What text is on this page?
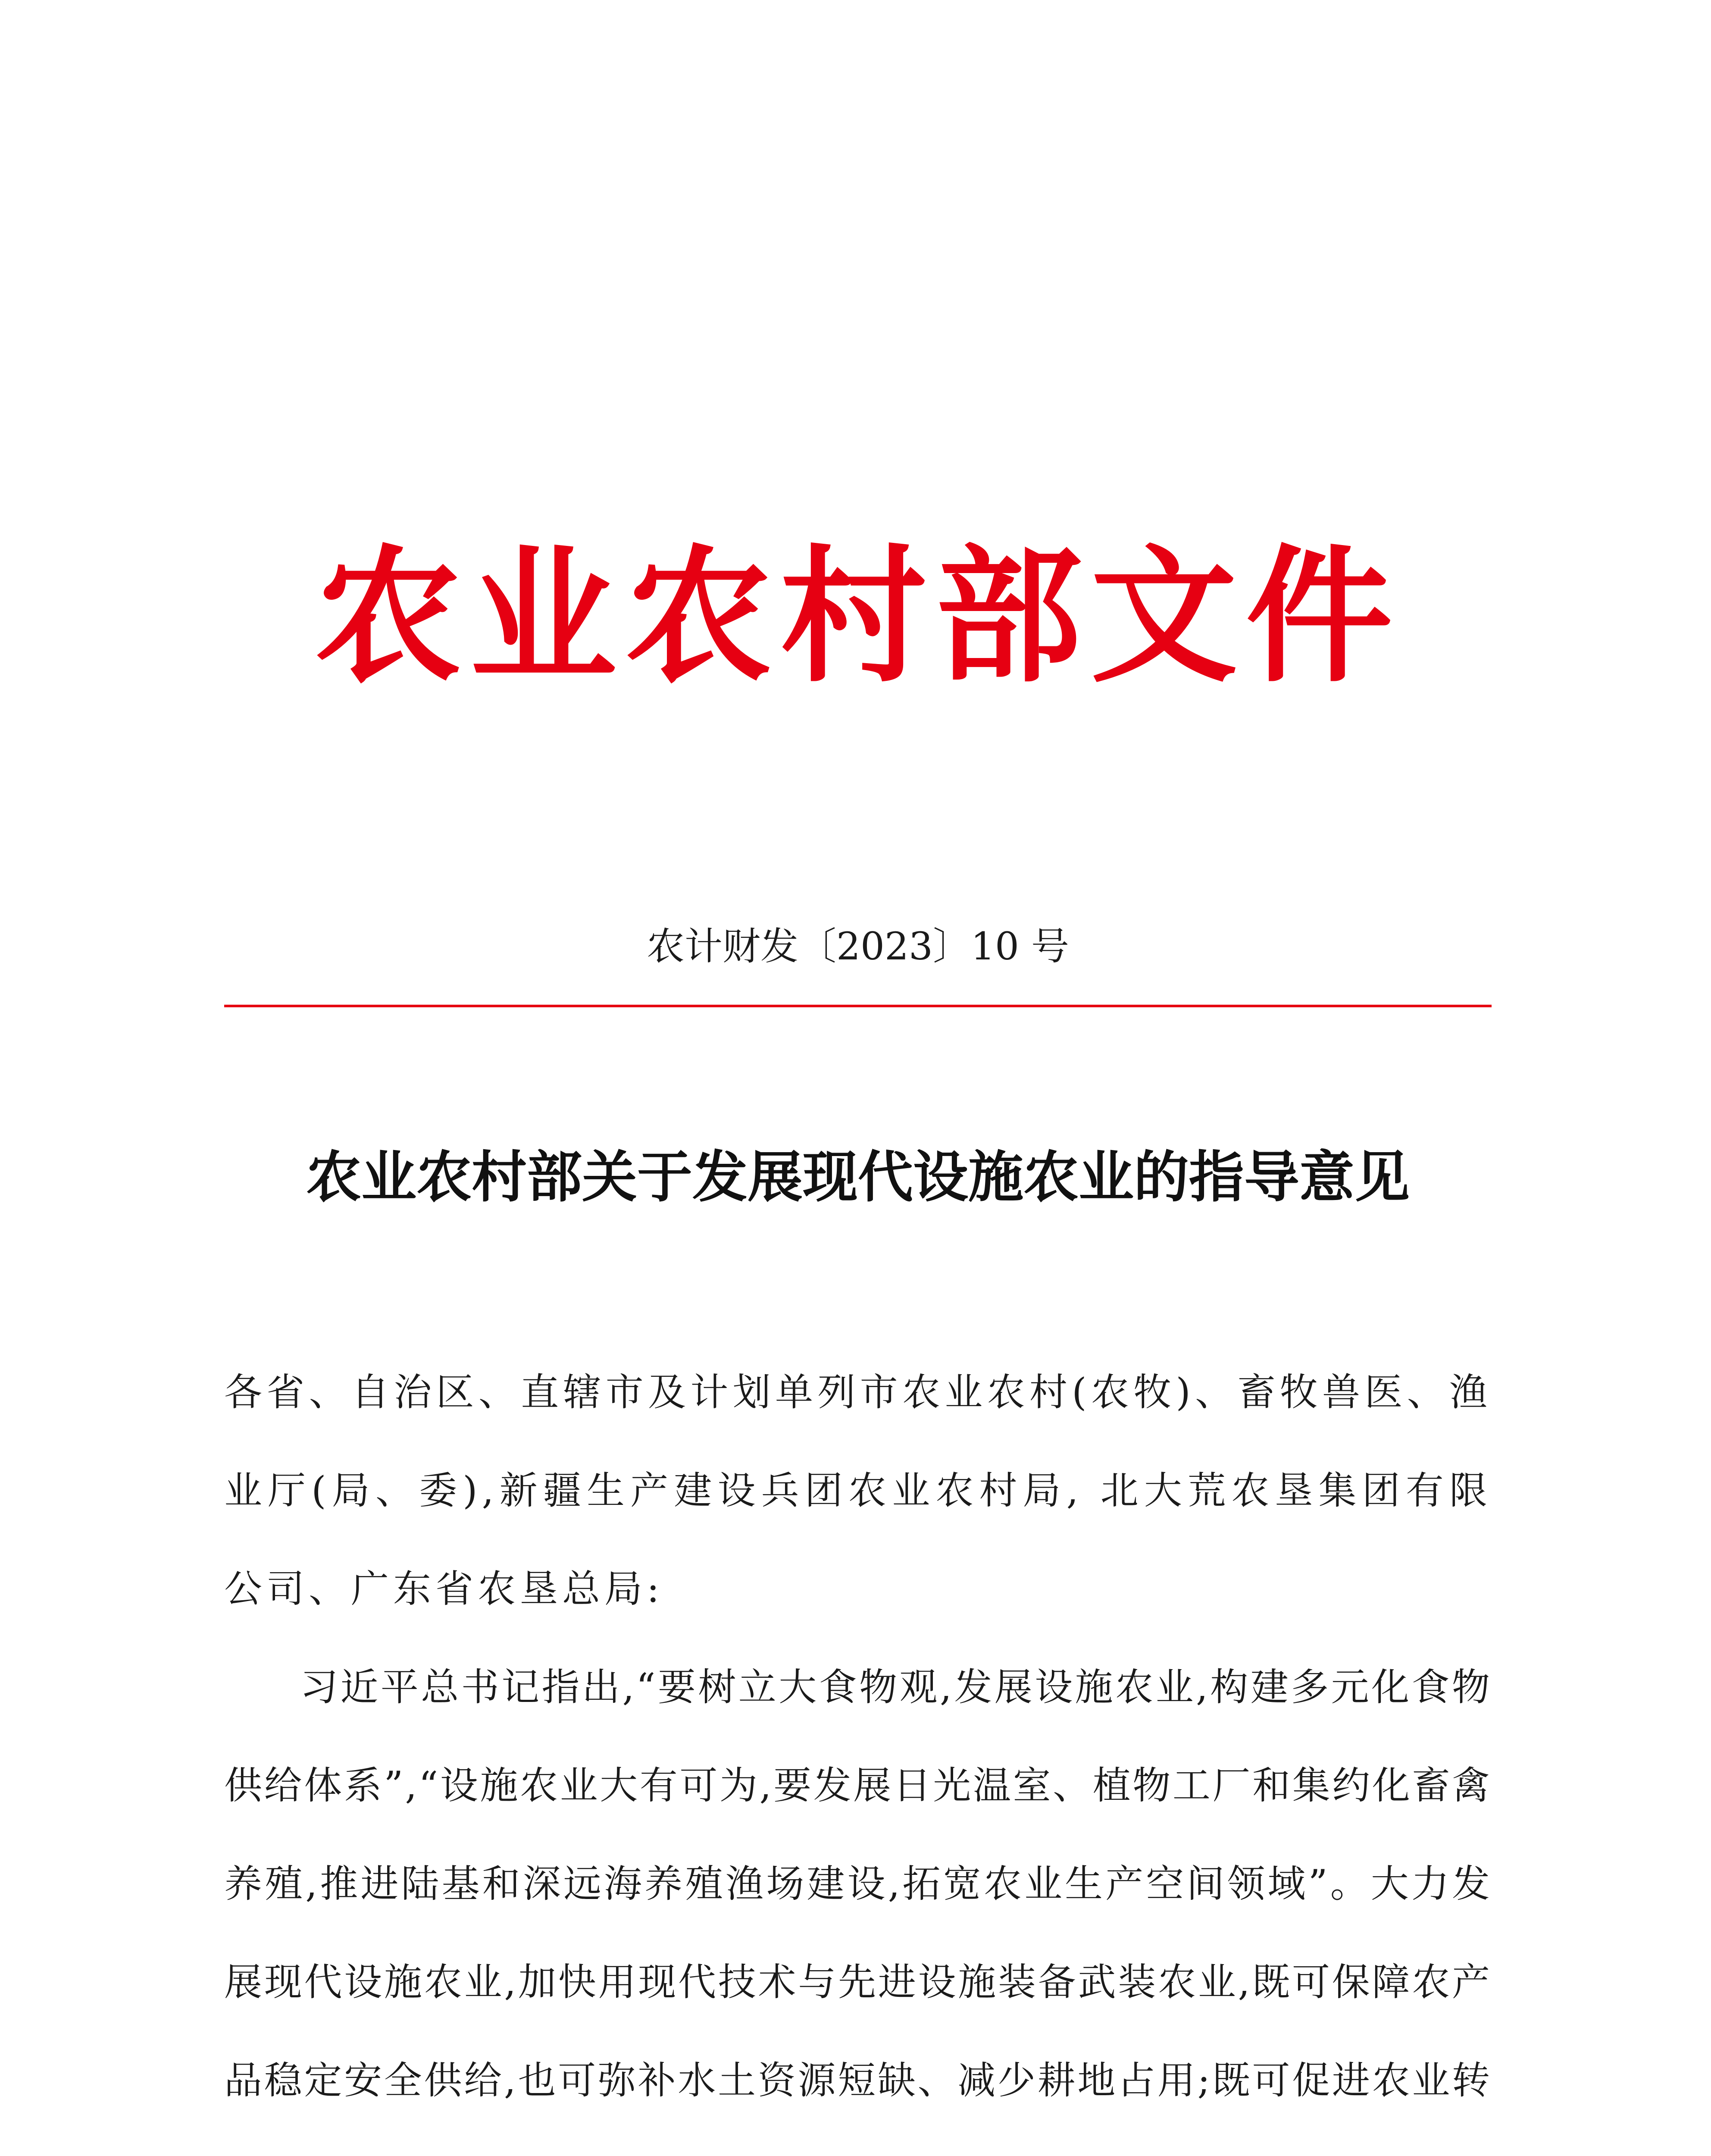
农业农村部文件
农计财发〔2023〕10 号
农业农村部关于发展现代设施农业的指导意见

各省、自治区、直辖市及计划单列市农业农村(农牧)、畜牧兽医、渔业厅(局、委),新疆生产建设兵团农业农村局, 北大荒农垦集团有限公司、广东省农垦总局:

习近平总书记指出,“要树立大食物观,发展设施农业,构建多元化食物供给体系”,“设施农业大有可为,要发展日光温室、植物工厂和集约化畜禽养殖,推进陆基和深远海养殖渔场建设,拓宽农业生产空间领域”。大力发展现代设施农业,加快用现代技术与先进设施装备武装农业,既可保障农产品稳定安全供给,也可弥补水土资源短缺、减少耕地占用;既可促进农业转
